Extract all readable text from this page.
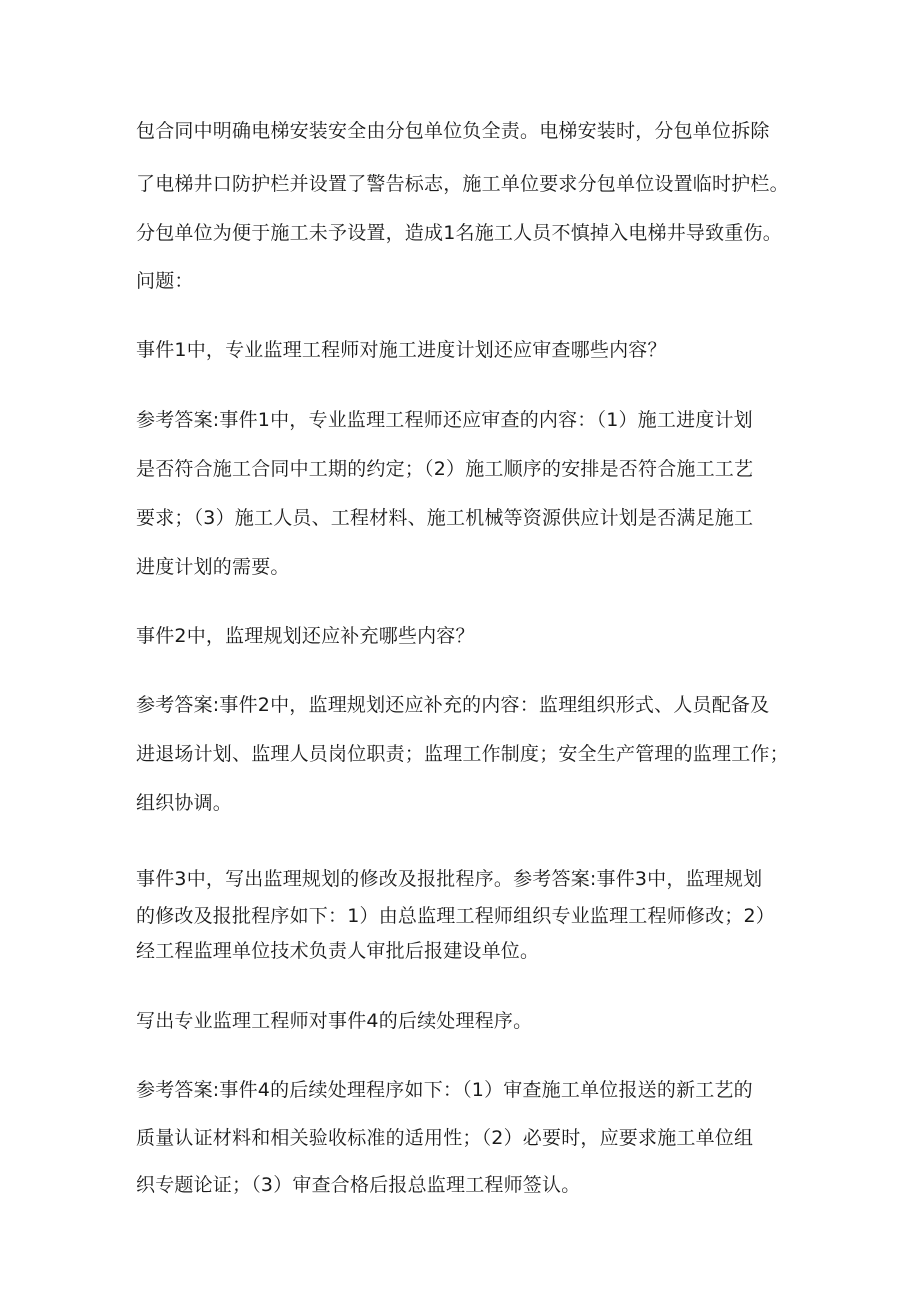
包合同中明确电梯安装安全由分包单位负全责。电梯安装时，分包单位拆除
了电梯井口防护栏并设置了警告标志，施工单位要求分包单位设置临时护栏。
分包单位为便于施工未予设置，造成1名施工人员不慎掉入电梯井导致重伤。
问题：
事件1中，专业监理工程师对施工进度计划还应审查哪些内容？
参考答案:事件1中，专业监理工程师还应审查的内容：（1）施工进度计划
是否符合施工合同中工期的约定；（2）施工顺序的安排是否符合施工工艺
要求；（3）施工人员、工程材料、施工机械等资源供应计划是否满足施工
进度计划的需要。
事件2中，监理规划还应补充哪些内容？
参考答案:事件2中，监理规划还应补充的内容：监理组织形式、人员配备及
进退场计划、监理人员岗位职责；监理工作制度；安全生产管理的监理工作；
组织协调。
事件3中，写出监理规划的修改及报批程序。参考答案:事件3中，监理规划
的修改及报批程序如下：1）由总监理工程师组织专业监理工程师修改；2）
经工程监理单位技术负责人审批后报建设单位。
写出专业监理工程师对事件4的后续处理程序。
参考答案:事件4的后续处理程序如下：（1）审查施工单位报送的新工艺的
质量认证材料和相关验收标准的适用性；（2）必要时，应要求施工单位组
织专题论证；（3）审查合格后报总监理工程师签认。
